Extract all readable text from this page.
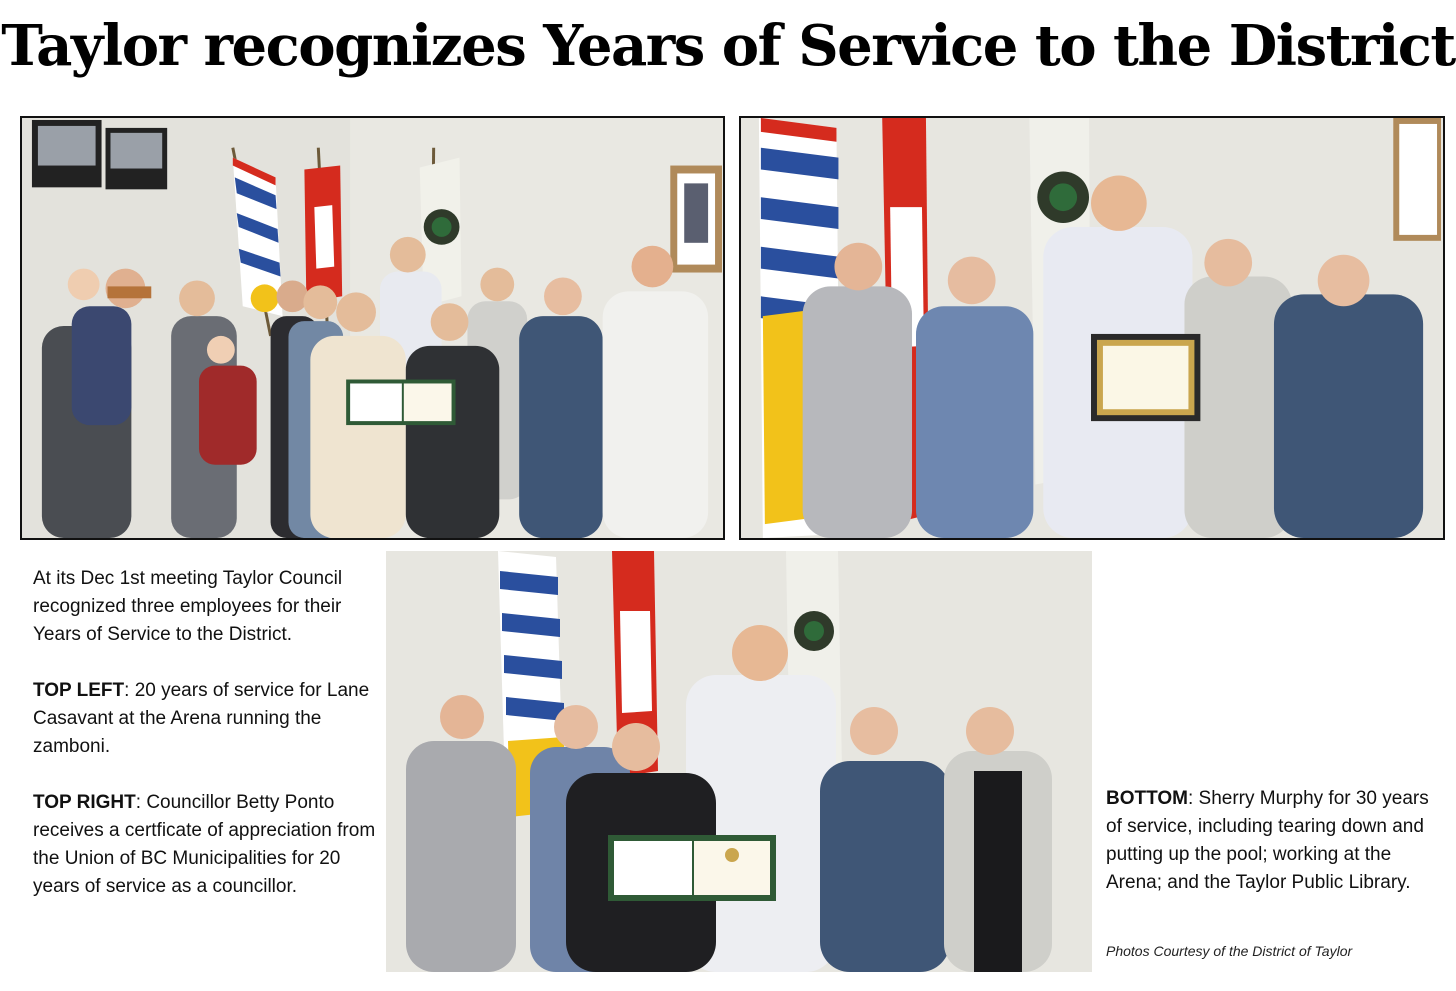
Taylor recognizes Years of Service to the District

At its Dec 1st meeting Taylor Council recognized three employees for their Years of Service to the District.

TOP LEFT: 20 years of service for Lane Casavant at the Arena running the zamboni.

TOP RIGHT: Councillor Betty Ponto receives a certficate of appreciation from the Union of BC Municipalities for 20 years of service as a councillor.

BOTTOM: Sherry Murphy for 30 years of service, including tearing down and putting up the pool; working at the Arena; and the Taylor Public Library.

Photos Courtesy of the District of Taylor
